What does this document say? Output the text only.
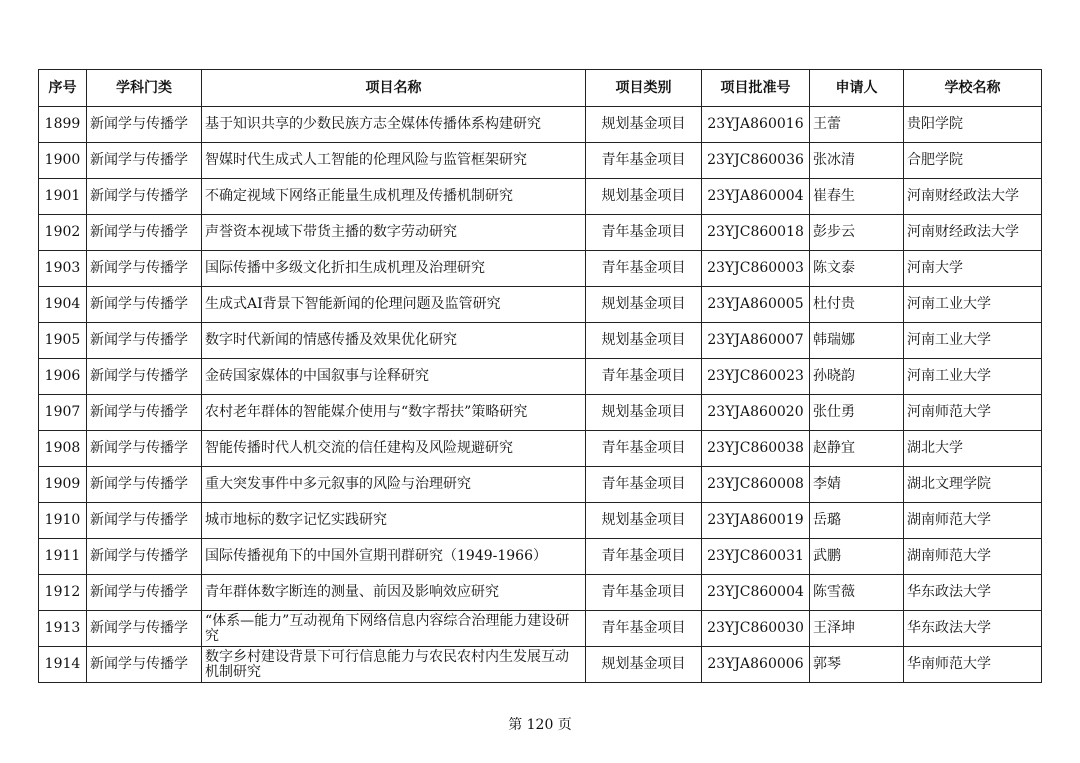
序号	学科门类	项目名称	项目类别	项目批准号	申请人	学校名称
1899	新闻学与传播学	基于知识共享的少数民族方志全媒体传播体系构建研究	规划基金项目	23YJA860016	王蕾	贵阳学院
1900	新闻学与传播学	智媒时代生成式人工智能的伦理风险与监管框架研究	青年基金项目	23YJC860036	张冰清	合肥学院
1901	新闻学与传播学	不确定视域下网络正能量生成机理及传播机制研究	规划基金项目	23YJA860004	崔春生	河南财经政法大学
1902	新闻学与传播学	声誉资本视域下带货主播的数字劳动研究	青年基金项目	23YJC860018	彭步云	河南财经政法大学
1903	新闻学与传播学	国际传播中多级文化折扣生成机理及治理研究	青年基金项目	23YJC860003	陈文泰	河南大学
1904	新闻学与传播学	生成式AI背景下智能新闻的伦理问题及监管研究	规划基金项目	23YJA860005	杜付贵	河南工业大学
1905	新闻学与传播学	数字时代新闻的情感传播及效果优化研究	规划基金项目	23YJA860007	韩瑞娜	河南工业大学
1906	新闻学与传播学	金砖国家媒体的中国叙事与诠释研究	青年基金项目	23YJC860023	孙晓韵	河南工业大学
1907	新闻学与传播学	农村老年群体的智能媒介使用与“数字帮扶”策略研究	规划基金项目	23YJA860020	张仕勇	河南师范大学
1908	新闻学与传播学	智能传播时代人机交流的信任建构及风险规避研究	青年基金项目	23YJC860038	赵静宜	湖北大学
1909	新闻学与传播学	重大突发事件中多元叙事的风险与治理研究	青年基金项目	23YJC860008	李婧	湖北文理学院
1910	新闻学与传播学	城市地标的数字记忆实践研究	规划基金项目	23YJA860019	岳璐	湖南师范大学
1911	新闻学与传播学	国际传播视角下的中国外宣期刊群研究（1949-1966）	青年基金项目	23YJC860031	武鹏	湖南师范大学
1912	新闻学与传播学	青年群体数字断连的测量、前因及影响效应研究	青年基金项目	23YJC860004	陈雪薇	华东政法大学
1913	新闻学与传播学	“体系—能力”互动视角下网络信息内容综合治理能力建设研究	青年基金项目	23YJC860030	王泽坤	华东政法大学
1914	新闻学与传播学	数字乡村建设背景下可行信息能力与农民农村内生发展互动机制研究	规划基金项目	23YJA860006	郭琴	华南师范大学
第 120 页
